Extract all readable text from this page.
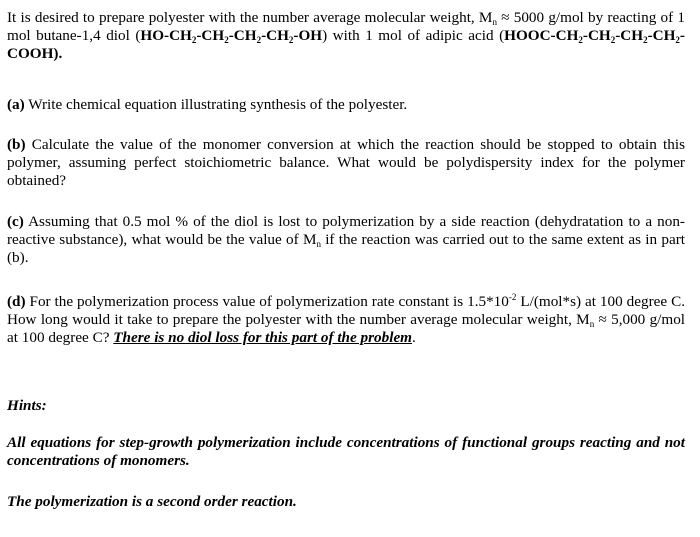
It is desired to prepare polyester with the number average molecular weight, $M_n \approx 5000$ g/mol by reacting of 1 mol butane-1,4 diol $(HO-CH_2-CH_2-CH_2-CH_2-OH)$ with 1 mol of adipic acid $(HOOC-CH_2-CH_2-CH_2-CH_2-COOH)$.
(a) Write chemical equation illustrating synthesis of the polyester.
(b) Calculate the value of the monomer conversion at which the reaction should be stopped to obtain this polymer, assuming perfect stoichiometric balance. What would be polydispersity index for the polymer obtained?
(c) Assuming that 0.5 mol % of the diol is lost to polymerization by a side reaction (dehydratation to a non-reactive substance), what would be the value of $M_n$ if the reaction was carried out to the same extent as in part (b).
(d) For the polymerization process value of polymerization rate constant is $1.5*10^{-2}$ L/(mol*s) at 100 degree C. How long would it take to prepare the polyester with the number average molecular weight, $M_n \approx 5,000$ g/mol at 100 degree C? There is no diol loss for this part of the problem.
Hints:
All equations for step-growth polymerization include concentrations of functional groups reacting and not concentrations of monomers.
The polymerization is a second order reaction.
